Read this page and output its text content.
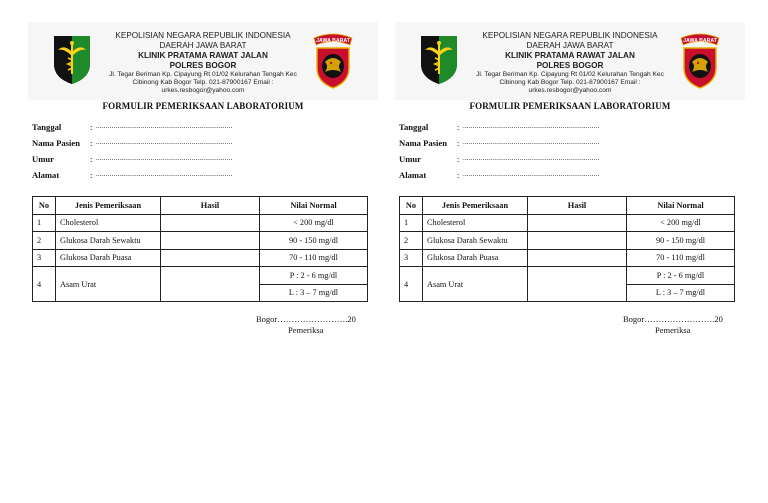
KEPOLISIAN NEGARA REPUBLIK INDONESIA
DAERAH JAWA BARAT
KLINIK PRATAMA RAWAT JALAN
POLRES BOGOR
Jl. Tegar Beriman Kp. Cipayung Rt 01/02 Kelurahan Tengah Kec
Cibinong Kab Bogor Telp. 021-87900167 Email :
urkes.resbogor@yahoo.com
JAWA BARAT
FORMULIR PEMERIKSAAN LABORATORIUM
Tanggal	: ......................................................................
Nama Pasien : ......................................................................
Umur	: ......................................................................
Alamat	: ......................................................................
No	Jenis Pemeriksaan	Hasil	Nilai Normal
1	Cholesterol		< 200 mg/dl
2	Glukosa Darah Sewaktu		90 - 150 mg/dl
3	Glukosa Darah Puasa		70 - 110 mg/dl
4	Asam Urat		P : 2 - 6 mg/dl
			L : 3 – 7 mg/dl
Bogor…………………….20
Pemeriksa
KEPOLISIAN NEGARA REPUBLIK INDONESIA
DAERAH JAWA BARAT
KLINIK PRATAMA RAWAT JALAN
POLRES BOGOR
Jl. Tegar Beriman Kp. Cipayung Rt 01/02 Kelurahan Tengah Kec
Cibinong Kab Bogor Telp. 021-87900167 Email :
urkes.resbogor@yahoo.com
JAWA BARAT
FORMULIR PEMERIKSAAN LABORATORIUM
Tanggal	: ......................................................................
Nama Pasien : ......................................................................
Umur	: ......................................................................
Alamat	: ......................................................................
No	Jenis Pemeriksaan	Hasil	Nilai Normal
1	Cholesterol		< 200 mg/dl
2	Glukosa Darah Sewaktu		90 - 150 mg/dl
3	Glukosa Darah Puasa		70 - 110 mg/dl
4	Asam Urat		P : 2 - 6 mg/dl
			L : 3 – 7 mg/dl
Bogor…………………….20
Pemeriksa
